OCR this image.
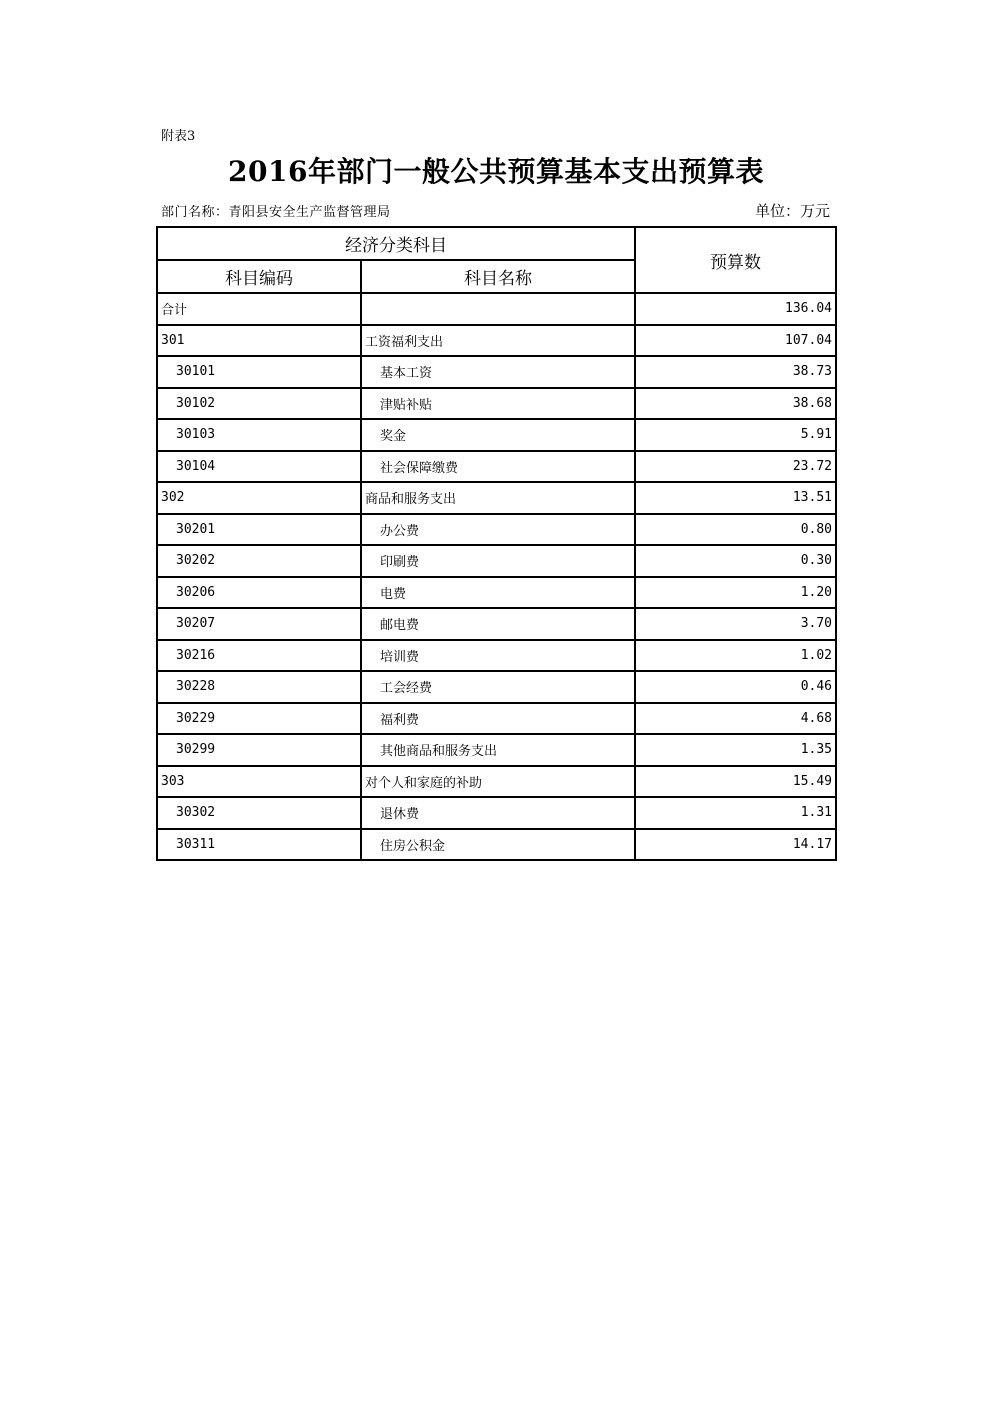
附表3
2016年部门一般公共预算基本支出预算表
部门名称：青阳县安全生产监督管理局	单位：万元
经济分类科目		预算数
科目编码	科目名称	
合计		136.04
301	工资福利支出	107.04
30101	基本工资	38.73
30102	津贴补贴	38.68
30103	奖金	5.91
30104	社会保障缴费	23.72
302	商品和服务支出	13.51
30201	办公费	0.80
30202	印刷费	0.30
30206	电费	1.20
30207	邮电费	3.70
30216	培训费	1.02
30228	工会经费	0.46
30229	福利费	4.68
30299	其他商品和服务支出	1.35
303	对个人和家庭的补助	15.49
30302	退休费	1.31
30311	住房公积金	14.17
